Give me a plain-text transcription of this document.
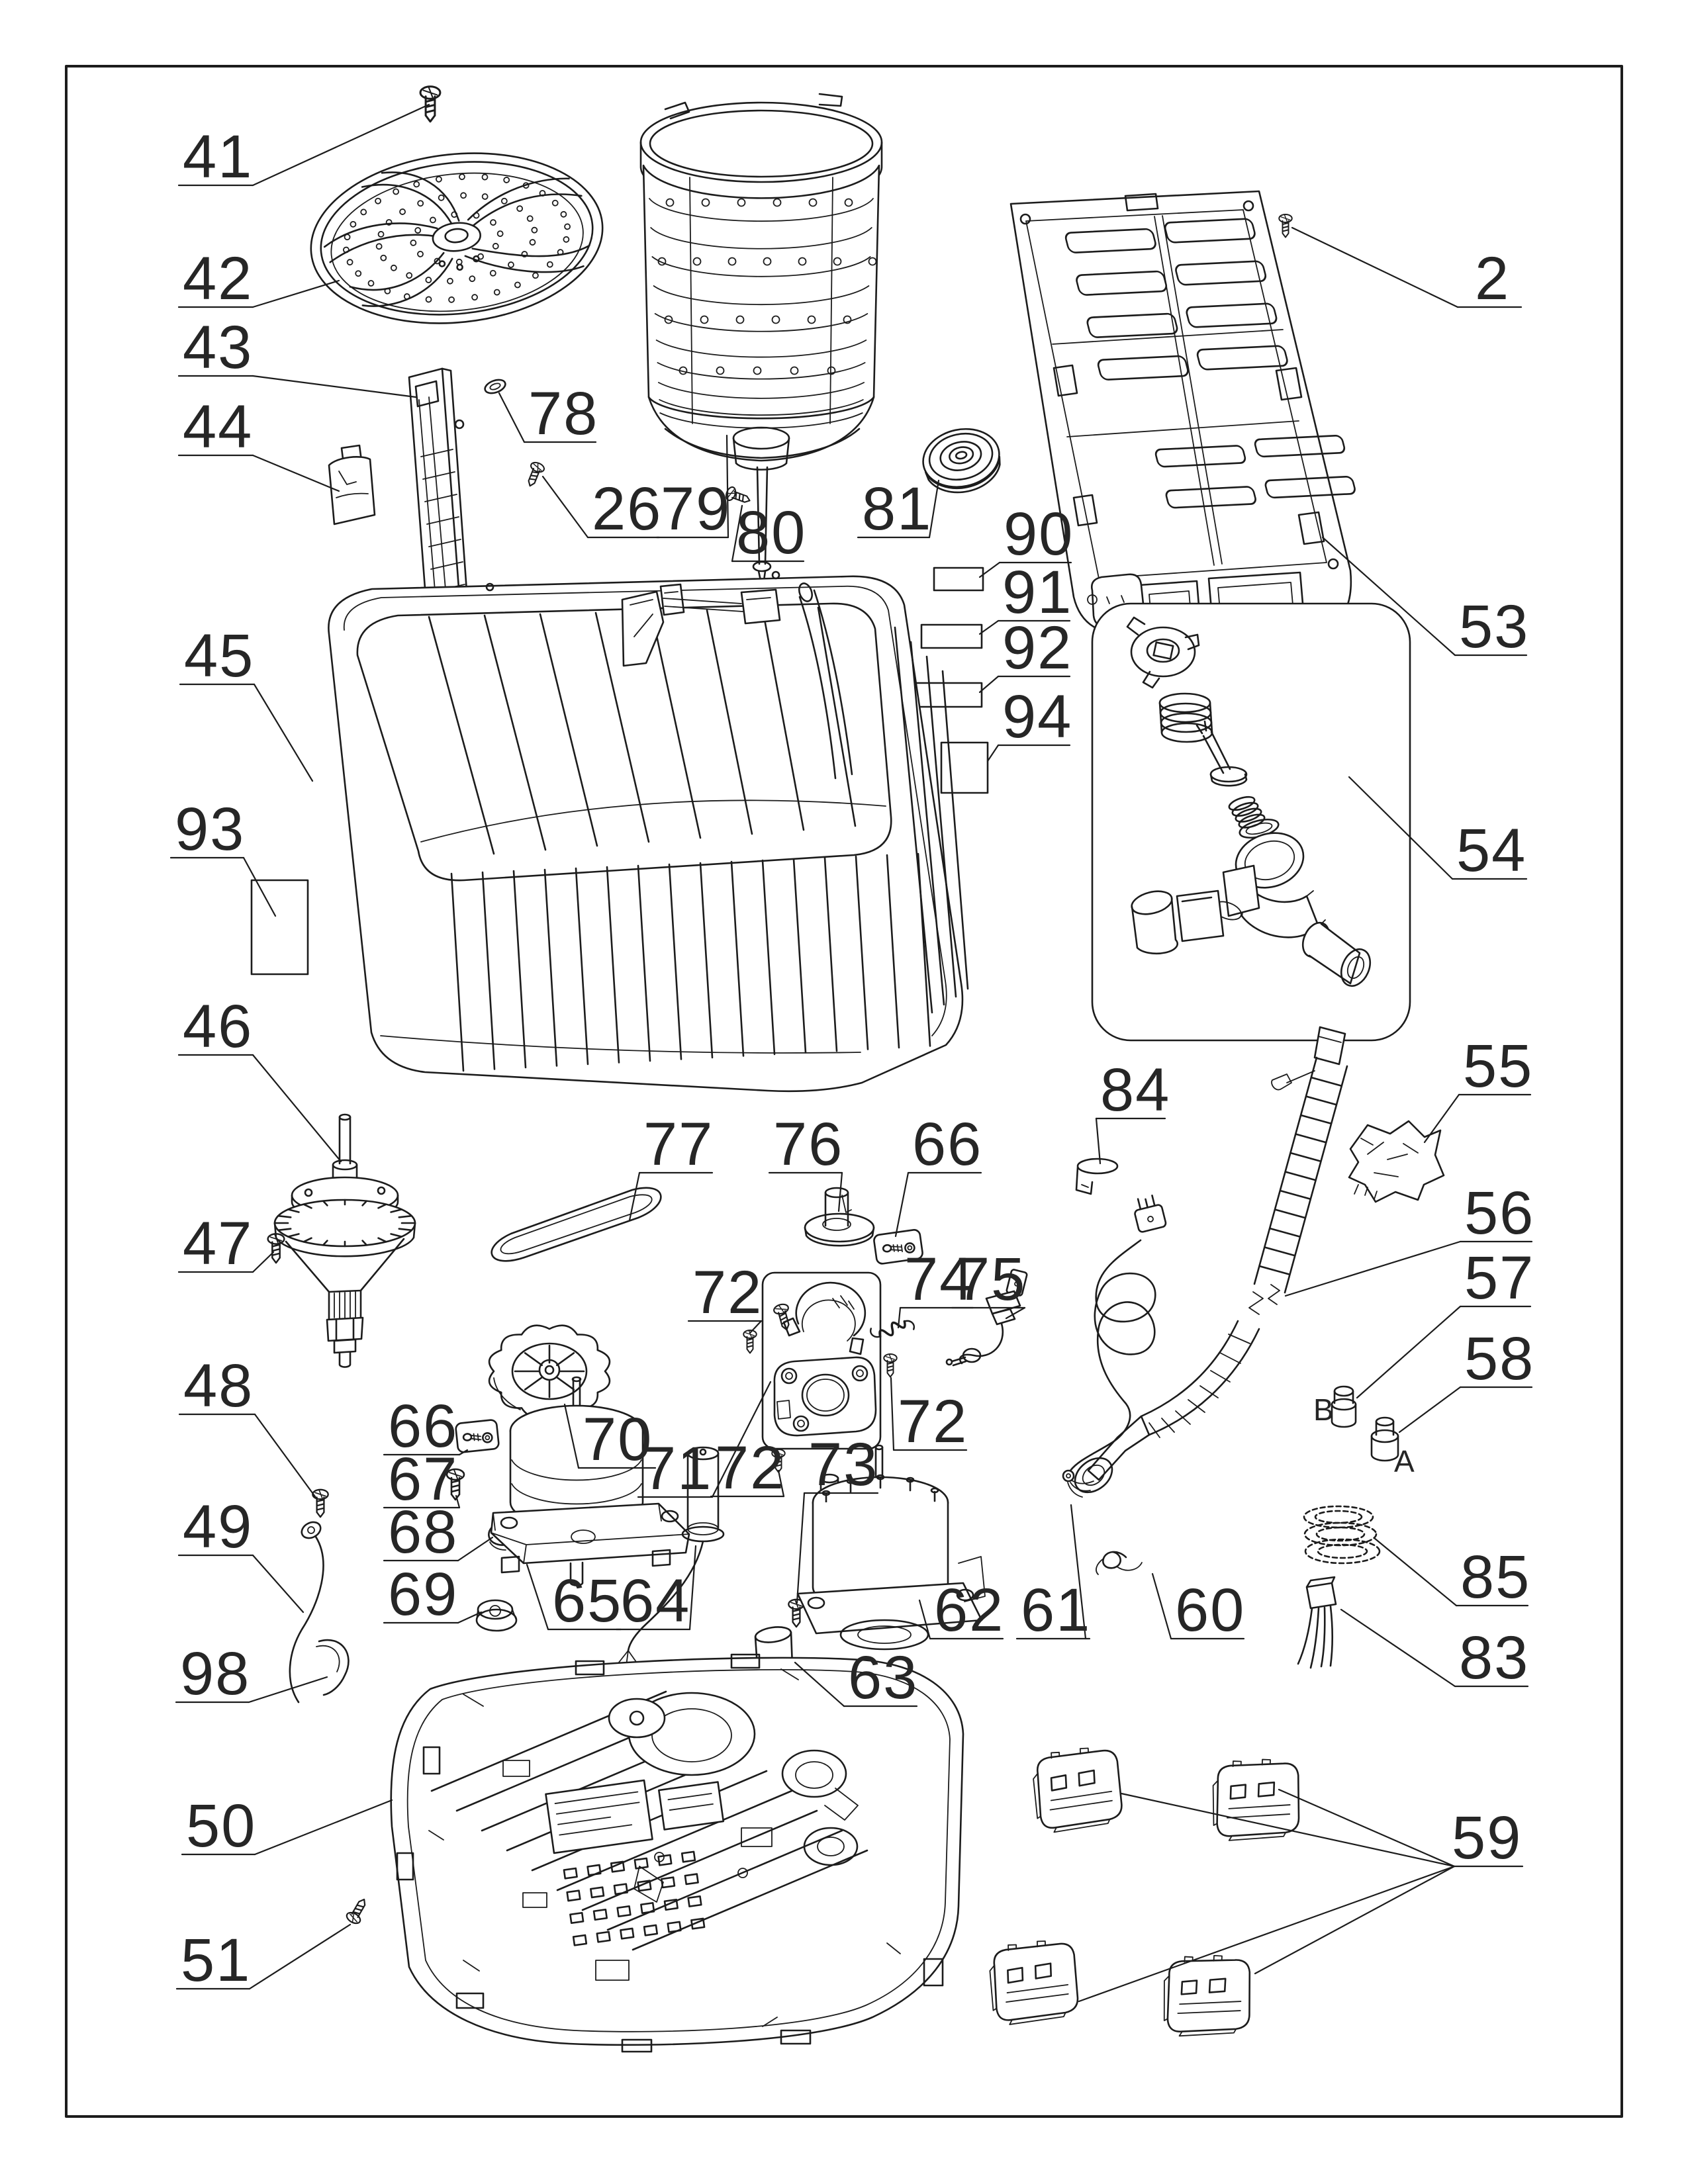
41
42
43
44	78
26
79 80 81
2
53
90
91
92
94
45
93	54
55
84
56
57
58
85
83
46
47
48
49
77 76 66
72 74
75
71
70
66
67
68
69 65
64
73
72
72
62
63
61 60
98
50
51
59
B
A
